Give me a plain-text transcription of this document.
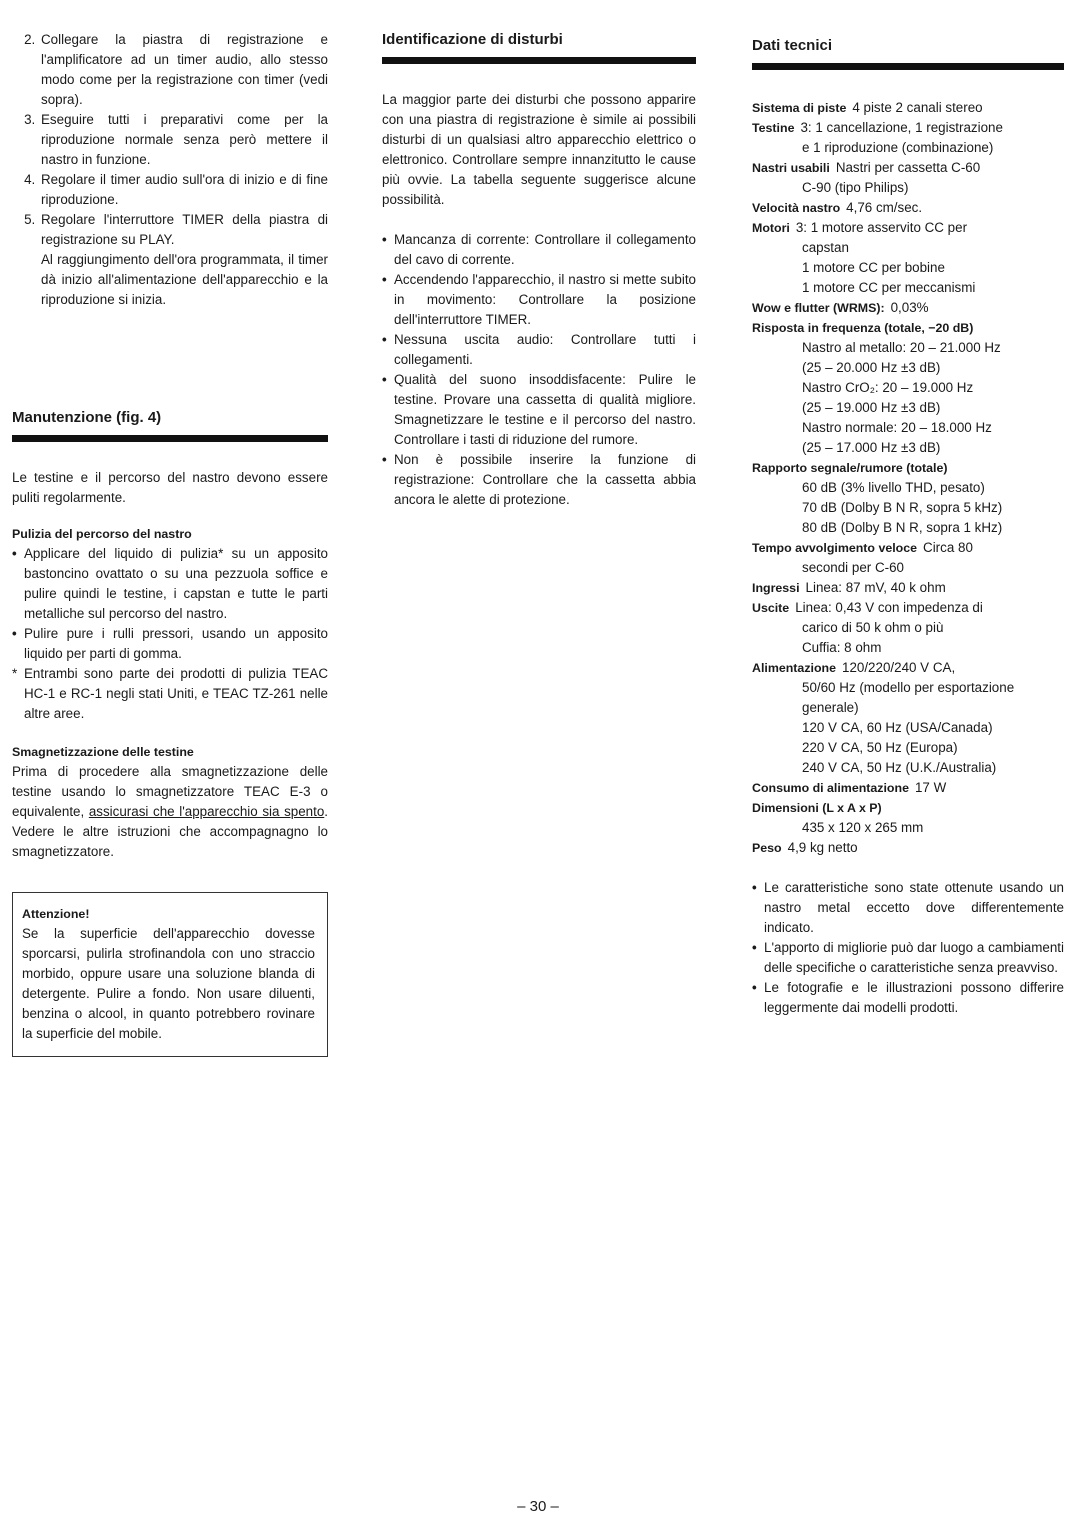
2. Collegare la piastra di registrazione e l'amplificatore ad un timer audio, allo stesso modo come per la registrazione con timer (vedi sopra).
3. Eseguire tutti i preparativi come per la riproduzione normale senza però mettere il nastro in funzione.
4. Regolare il timer audio sull'ora di inizio e di fine riproduzione.
5. Regolare l'interruttore TIMER della piastra di registrazione su PLAY.
Al raggiungimento dell'ora programmata, il timer dà inizio all'alimentazione dell'apparecchio e la riproduzione si inizia.
Manutenzione (fig. 4)

Le testine e il percorso del nastro devono essere puliti regolarmente.

Pulizia del percorso del nastro

• Applicare del liquido di pulizia* su un apposito bastoncino ovattato o su una pezzuola soffice e pulire quindi le testine, i capstan e tutte le parti metalliche sul percorso del nastro.
• Pulire pure i rulli pressori, usando un apposito liquido per parti di gomma.
* Entrambi sono parte dei prodotti di pulizia TEAC HC-1 e RC-1 negli stati Uniti, e TEAC TZ-261 nelle altre aree.

Smagnetizzazione delle testine

Prima di procedere alla smagnetizzazione delle testine usando lo smagnetizzatore TEAC E-3 o equivalente, assicurasi che l'apparecchio sia spento. Vedere le altre istruzioni che accompagnagno lo smagnetizzatore.

Attenzione!

Se la superficie dell'apparecchio dovesse sporcarsi, pulirla strofinandola con uno straccio morbido, oppure usare una soluzione blanda di detergente. Pulire a fondo. Non usare diluenti, benzina o alcool, in quanto potrebbero rovinare la superficie del mobile.

Identificazione di disturbi

La maggior parte dei disturbi che possono apparire con una piastra di registrazione è simile ai possibili disturbi di un qualsiasi altro apparecchio elettrico o elettronico. Controllare sempre innanzitutto le cause più ovvie. La tabella seguente suggerisce alcune possibilità.

• Mancanza di corrente: Controllare il collegamento del cavo di corrente.
• Accendendo l'apparecchio, il nastro si mette subito in movimento: Controllare la posizione dell'interruttore TIMER.
• Nessuna uscita audio: Controllare tutti i collegamenti.
• Qualità del suono insoddisfacente: Pulire le testine. Provare una cassetta di qualità migliore. Smagnetizzare le testine e il percorso del nastro. Controllare i tasti di riduzione del rumore.
• Non è possibile inserire la funzione di registrazione: Controllare che la cassetta abbia ancora le alette di protezione.
Dati tecnici
Sistema di piste 4 piste 2 canali stereo
Testine 3: 1 cancellazione, 1 registrazione
e 1 riproduzione (combinazione)
Nastri usabili Nastri per cassetta C-60
C-90 (tipo Philips)
Velocità nastro 4,76 cm/sec.
Motori 3: 1 motore asservito CC per
capstan
1 motore CC per bobine
1 motore CC per meccanismi
Wow e flutter (WRMS): 0,03%
Risposta in frequenza (totale, −20 dB)
Nastro al metallo: 20 – 21.000 Hz
(25 – 20.000 Hz ±3 dB)
Nastro CrO₂: 20 – 19.000 Hz
(25 – 19.000 Hz ±3 dB)
Nastro normale: 20 – 18.000 Hz
(25 – 17.000 Hz ±3 dB)
Rapporto segnale/rumore (totale)
60 dB (3% livello THD, pesato)
70 dB (Dolby B N R, sopra 5 kHz)
80 dB (Dolby B N R, sopra 1 kHz)
Tempo avvolgimento veloce Circa 80
secondi per C-60
Ingressi Linea: 87 mV, 40 k ohm
Uscite Linea: 0,43 V con impedenza di
carico di 50 k ohm o più
Cuffia: 8 ohm
Alimentazione 120/220/240 V CA,
50/60 Hz (modello per esportazione
generale)
120 V CA, 60 Hz (USA/Canada)
220 V CA, 50 Hz (Europa)
240 V CA, 50 Hz (U.K./Australia)
Consumo di alimentazione 17 W
Dimensioni (L x A x P)
435 x 120 x 265 mm
Peso 4,9 kg netto
• Le caratteristiche sono state ottenute usando un nastro metal eccetto dove differentemente indicato.
• L'apporto di migliorie può dar luogo a cambiamenti delle specifiche o caratteristiche senza preavviso.
• Le fotografie e le illustrazioni possono differire leggermente dai modelli prodotti.
– 30 –
